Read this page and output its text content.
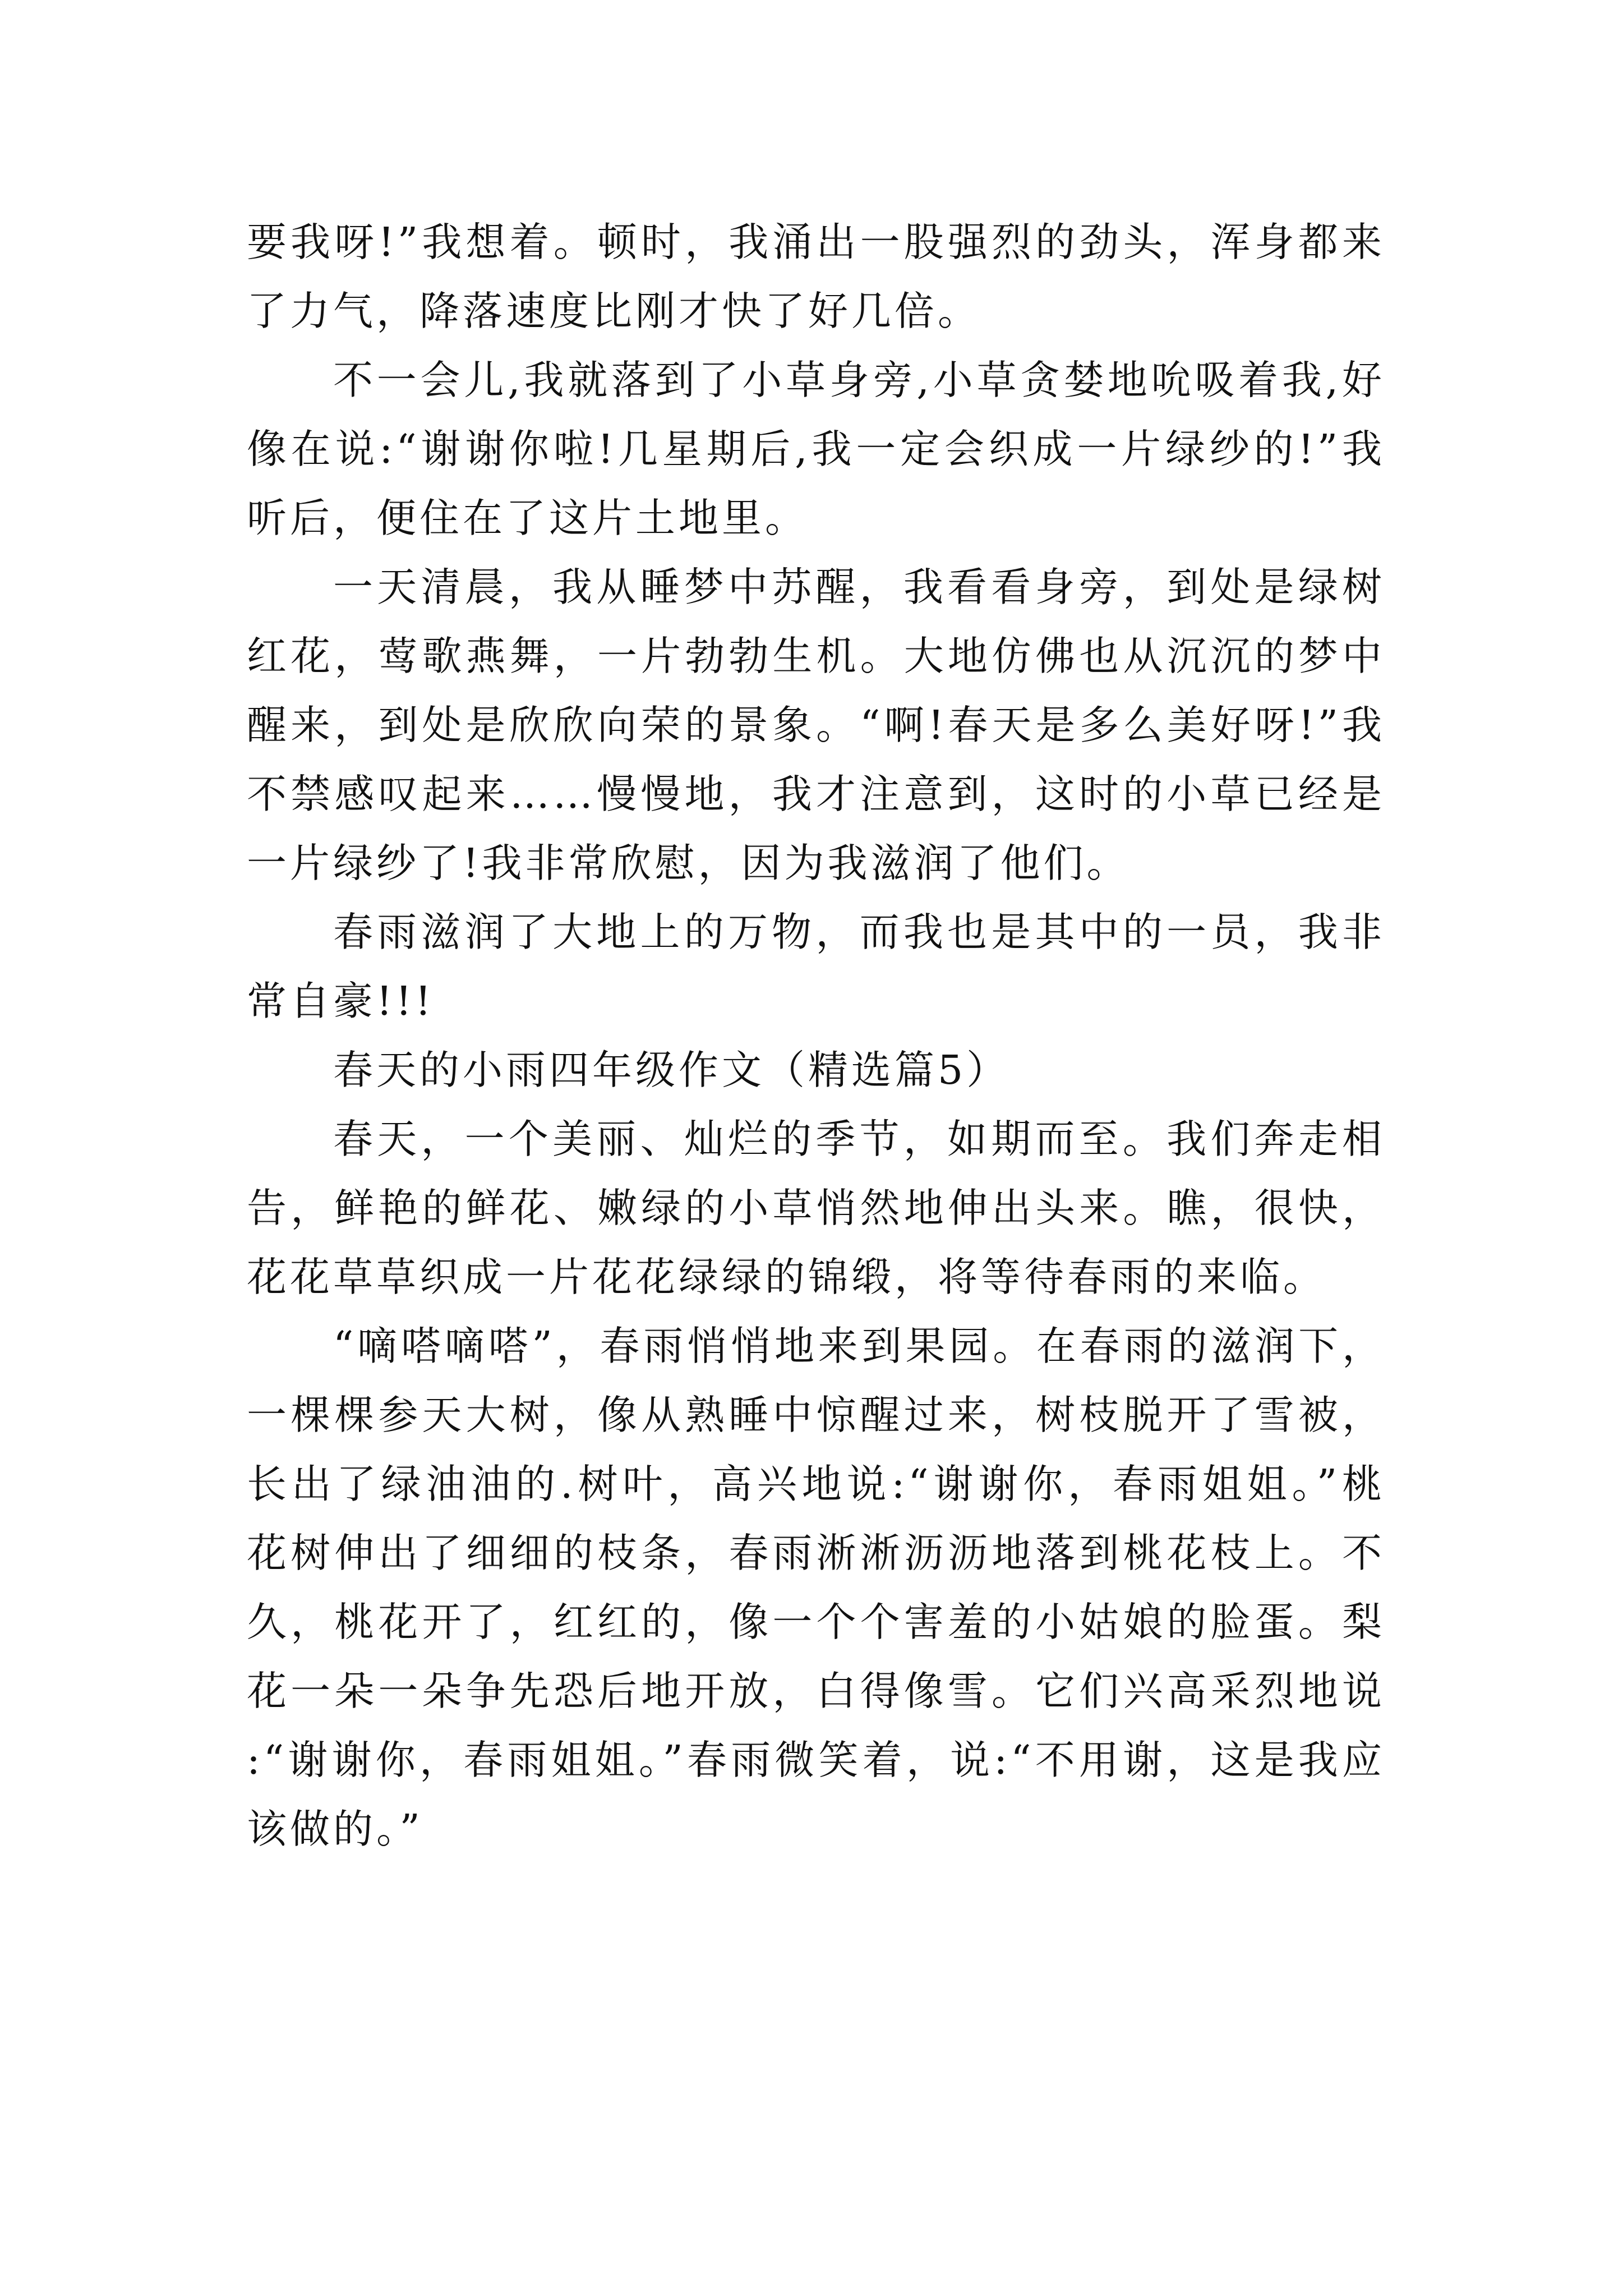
要我呀!”我想着。顿时，我涌出一股强烈的劲头，浑身都来了力气，降落速度比刚才快了好几倍。

不一会儿,我就落到了小草身旁,小草贪婪地吮吸着我,好像在说:“谢谢你啦!几星期后,我一定会织成一片绿纱的!”我听后，便住在了这片土地里。

一天清晨，我从睡梦中苏醒，我看看身旁，到处是绿树红花，莺歌燕舞，一片勃勃生机。大地仿佛也从沉沉的梦中醒来，到处是欣欣向荣的景象。“啊!春天是多么美好呀!”我不禁感叹起来……慢慢地，我才注意到，这时的小草已经是一片绿纱了!我非常欣慰，因为我滋润了他们。

春雨滋润了大地上的万物，而我也是其中的一员，我非常自豪!!!

春天的小雨四年级作文（精选篇5）

春天，一个美丽、灿烂的季节，如期而至。我们奔走相告，鲜艳的鲜花、嫩绿的小草悄然地伸出头来。瞧，很快，花花草草织成一片花花绿绿的锦缎，将等待春雨的来临。

“嘀嗒嘀嗒”，春雨悄悄地来到果园。在春雨的滋润下，一棵棵参天大树，像从熟睡中惊醒过来，树枝脱开了雪被，长出了绿油油的.树叶，高兴地说:“谢谢你，春雨姐姐。”桃花树伸出了细细的枝条，春雨淅淅沥沥地落到桃花枝上。不久，桃花开了，红红的，像一个个害羞的小姑娘的脸蛋。梨花一朵一朵争先恐后地开放，白得像雪。它们兴高采烈地说:“谢谢你，春雨姐姐。”春雨微笑着，说:“不用谢，这是我应该做的。”
